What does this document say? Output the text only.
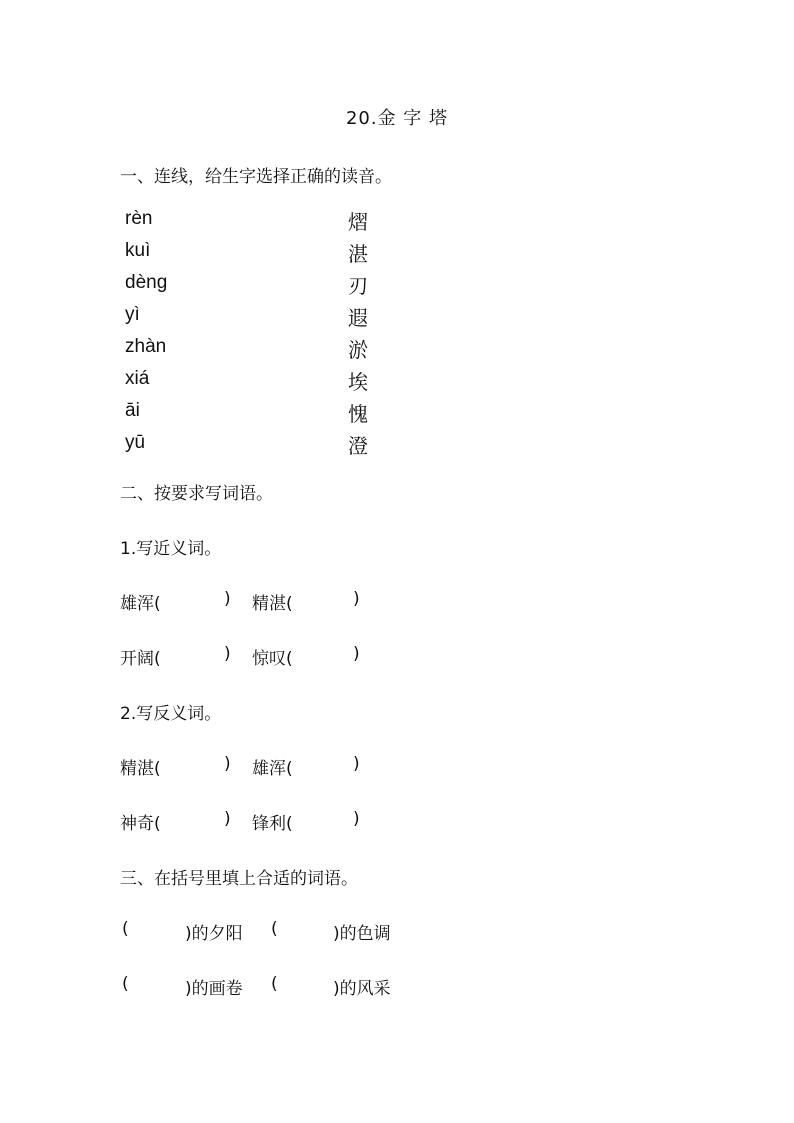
20.金 字 塔
一、连线，给生字选择正确的读音。
rèn
kuì
dèng
yì
zhàn
xiá
āi
yū
熠
湛
刃
遐
淤
埃
愧
澄
二、按要求写词语。
1.写近义词。
雄浑(	) 精湛(	)
开阔(	) 惊叹(	)
2.写反义词。
精湛(	) 雄浑(	)
神奇(	) 锋利(	)
三、在括号里填上合适的词语。
(	)的夕阳 (	)的色调
(	)的画卷 (	)的风采
